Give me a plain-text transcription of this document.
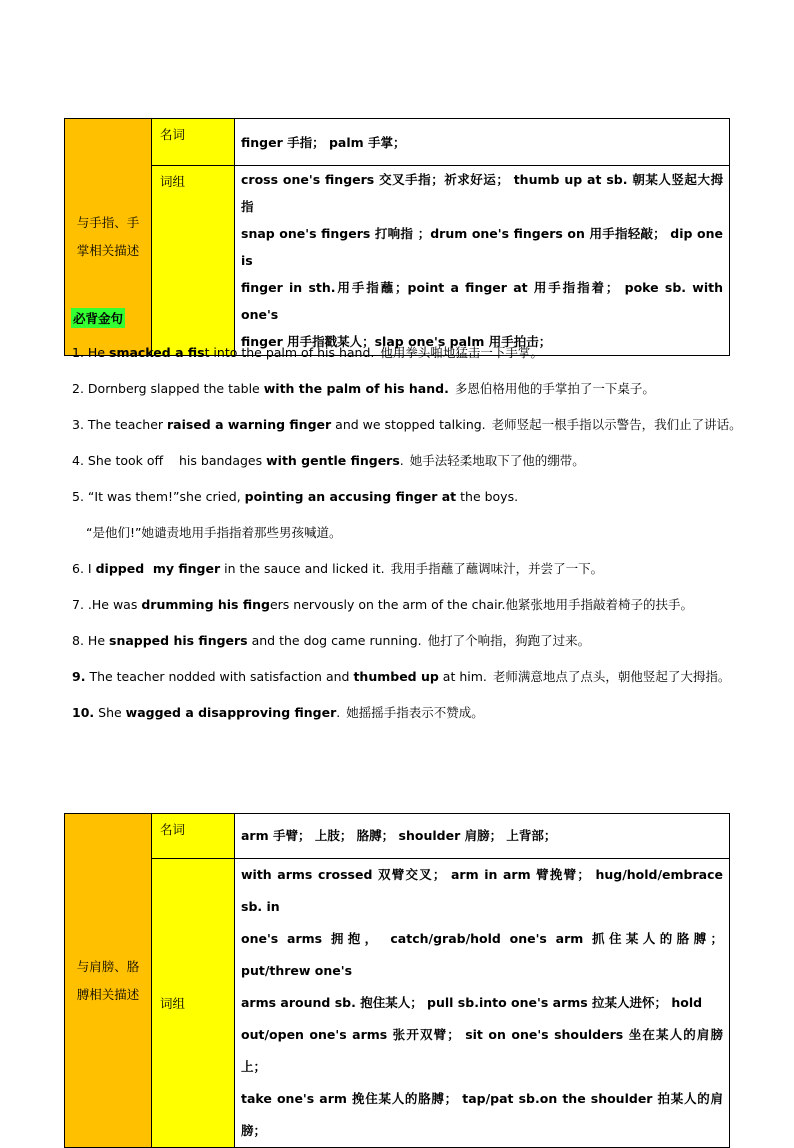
与手指、手
掌相关描述	名词	finger 手指； palm 手掌；
	词组	cross one's fingers 交叉手指；祈求好运； thumb up at sb. 朝某人竖起大拇指
snap one's fingers 打响指 ；drum one's fingers on 用手指轻敲； dip one is
finger in sth.用手指蘸；point a finger at 用手指指着； poke sb. with one's
finger 用手指戳某人；slap one's palm 用手拍击；
必背金句
1. He smacked a fist into the palm of his hand. 他用拳头啪地猛击一下手掌。
2. Dornberg slapped the table with the palm of his hand. 多恩伯格用他的手掌拍了一下桌子。
3. The teacher raised a warning finger and we stopped talking. 老师竖起一根手指以示警告，我们止了讲话。
4. She took off    his bandages with gentle fingers. 她手法轻柔地取下了他的绷带。
5. “It was them!”she cried, pointing an accusing finger at the boys.
“是他们!”她谴责地用手指指着那些男孩喊道。
6. I dipped  my finger in the sauce and licked it. 我用手指蘸了蘸调味汁，并尝了一下。
7. .He was drumming his fingers nervously on the arm of the chair.他紧张地用手指敲着椅子的扶手。
8. He snapped his fingers and the dog came running. 他打了个响指，狗跑了过来。
9. The teacher nodded with satisfaction and thumbed up at him. 老师满意地点了点头，朝他竖起了大拇指。
10. She wagged a disapproving finger. 她摇摇手指表示不赞成。
与肩膀、胳
膊相关描述	名词	arm 手臂； 上肢； 胳膊； shoulder 肩膀； 上背部；
	词组	with arms crossed 双臂交叉； arm in arm 臂挽臂； hug/hold/embrace sb. in
one's arms 拥抱， catch/grab/hold one's arm 抓住某人的胳膊； put/threw one's
arms around sb. 抱住某人； pull sb.into one's arms 拉某人进怀； hold
out/open one's arms 张开双臂； sit on one's shoulders 坐在某人的肩膀上；
take one's arm 挽住某人的胳膊； tap/pat sb.on the shoulder 拍某人的肩膀；
